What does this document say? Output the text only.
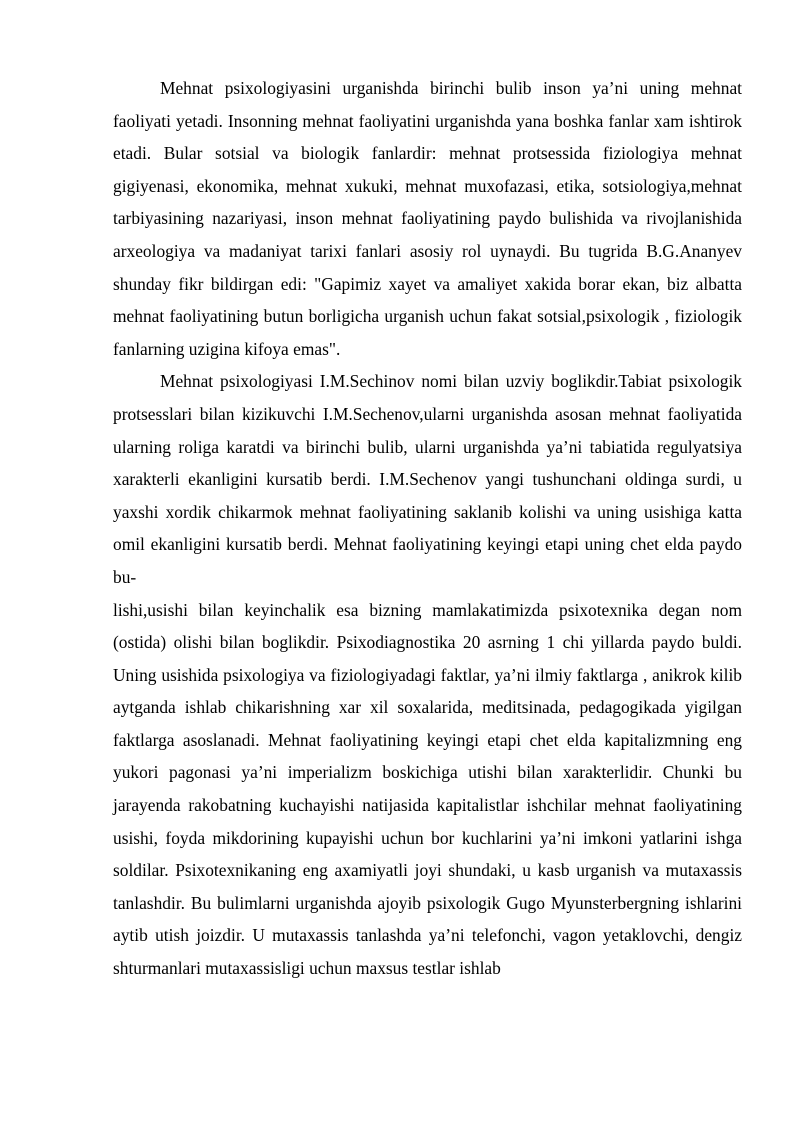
Mehnat psixologiyasini urganishda birinchi bulib inson ya’ni uning mehnat faoliyati yetadi. Insonning mehnat faoliyatini urganishda yana boshka fanlar xam ishtirok etadi. Bular sotsial va biologik fanlardir: mehnat protsessida fiziologiya mehnat gigiyenasi, ekonomika, mehnat xukuki, mehnat muxofazasi, etika, sotsiologiya,mehnat tarbiyasining nazariyasi, inson mehnat faoliyatining paydo bulishida va rivojlanishida arxeologiya va madaniyat tarixi fanlari asosiy rol uynaydi. Bu tugrida B.G.Ananyev shunday fikr bildirgan edi: "Gapimiz xayet va amaliyet xakida borar ekan, biz albatta mehnat faoliyatining butun borligicha urganish uchun fakat sotsial,psixologik , fiziologik fanlarning uzigina kifoya emas".

Mehnat psixologiyasi I.M.Sechinov nomi bilan uzviy boglikdir.Tabiat psixologik protsesslari bilan kizikuvchi I.M.Sechenov,ularni urganishda asosan mehnat faoliyatida ularning roliga karatdi va birinchi bulib, ularni urganishda ya’ni tabiatida regulyatsiya xarakterli ekanligini kursatib berdi. I.M.Sechenov yangi tushunchani oldinga surdi, u yaxshi xordik chikarmok mehnat faoliyatining saklanib kolishi va uning usishiga katta omil ekanligini kursatib berdi. Mehnat faoliyatining keyingi etapi uning chet elda paydo bu-

lishi,usishi bilan keyinchalik esa bizning mamlakatimizda psixotexnika degan nom (ostida) olishi bilan boglikdir. Psixodiagnostika 20 asrning 1 chi yillarda paydo buldi. Uning usishida psixologiya va fiziologiyadagi faktlar, ya’ni ilmiy faktlarga , anikrok kilib aytganda ishlab chikarishning xar xil soxalarida, meditsinada, pedagogikada yigilgan faktlarga asoslanadi. Mehnat faoliyatining keyingi etapi chet elda kapitalizmning eng yukori pagonasi ya’ni imperializm boskichiga utishi bilan xarakterlidir. Chunki bu jarayenda rakobatning kuchayishi natijasida kapitalistlar ishchilar mehnat faoliyatining usishi, foyda mikdorining kupayishi uchun bor kuchlarini ya’ni imkoni yatlarini ishga soldilar. Psixotexnikaning eng axamiyatli joyi shundaki, u kasb urganish va mutaxassis tanlashdir. Bu bulimlarni urganishda ajoyib psixologik Gugo Myunsterbergning ishlarini aytib utish joizdir. U mutaxassis tanlashda ya’ni telefonchi, vagon yetaklovchi, dengiz shturmanlari mutaxassisligi uchun maxsus testlar ishlab
